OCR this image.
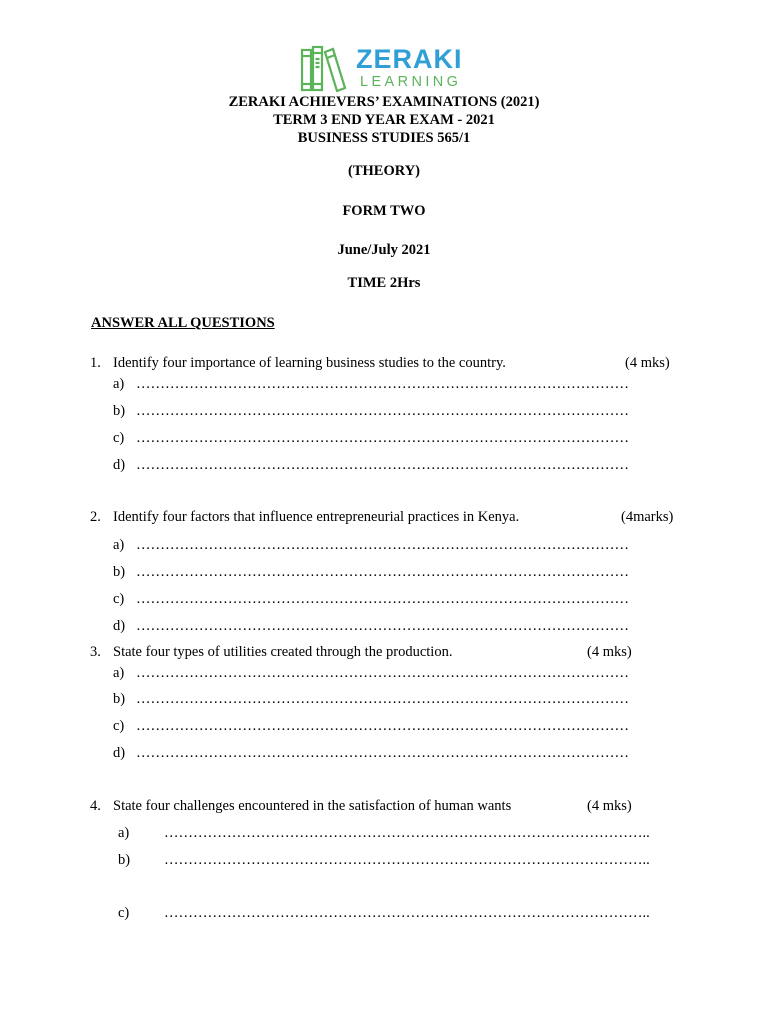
ZERAKI
LEARNING
ZERAKI ACHIEVERS’ EXAMINATIONS (2021)
TERM 3 END YEAR EXAM - 2021
BUSINESS STUDIES 565/1
(THEORY)
FORM TWO
June/July 2021
TIME 2Hrs
ANSWER ALL QUESTIONS
1. Identify four importance of learning business studies to the country.	(4 mks)
a) …………………………………………………………………………………………
b) …………………………………………………………………………………………
c) …………………………………………………………………………………………
d) …………………………………………………………………………………………
2. Identify four factors that influence entrepreneurial practices in Kenya.	(4marks)
a) …………………………………………………………………………………………
b) …………………………………………………………………………………………
c) …………………………………………………………………………………………
d) …………………………………………………………………………………………
3. State four types of utilities created through the production.	(4 mks)
a) …………………………………………………………………………………………
b) …………………………………………………………………………………………
c) …………………………………………………………………………………………
d) …………………………………………………………………………………………
4. State four challenges encountered in the satisfaction of human wants	(4 mks)
a) ………………………………………………………………………………………..
b) ………………………………………………………………………………………..
c) ………………………………………………………………………………………..
